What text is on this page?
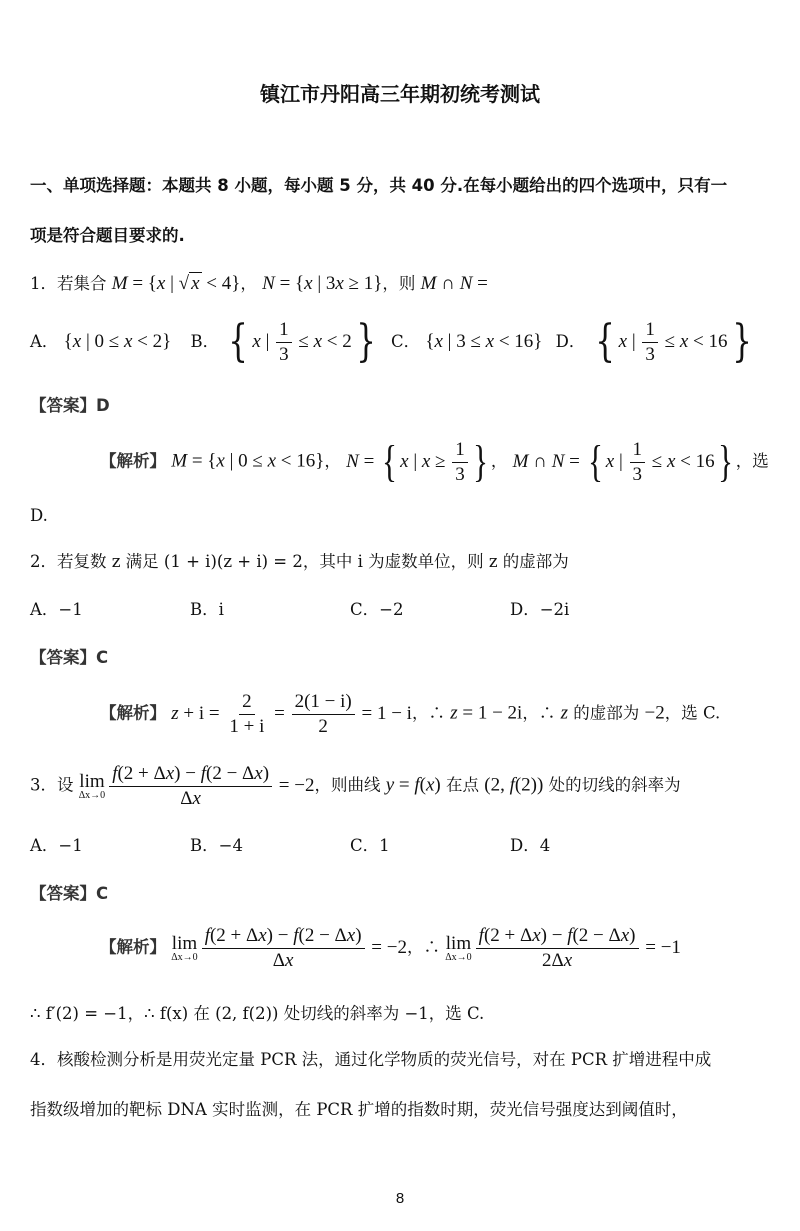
镇江市丹阳高三年期初统考测试
一、单项选择题：本题共 8 小题，每小题 5 分，共 40 分.在每小题给出的四个选项中，只有一
项是符合题目要求的.
1．若集合 M = {x | √ x < 4}， N = {x | 3x ≥ 1}，则 M ∩ N =
A． {x | 0 ≤ x < 2} B． { x | $\frac{1}{3} \le x < 2$} C． {x | 3 ≤ x < 16} D． { x | $\frac{1}{3} \le x < 16$}
【答案】D
【解析】 M = {x | 0 ≤ x < 16}， N = { x | $x \ge \frac{1}{3}$ } ， M ∩ N = { x | $\frac{1}{3} \le x < 16$} ，选
D.
2．若复数 z 满足 (1 + i)(z + i) = 2，其中 i 为虚数单位，则 z 的虚部为
A．−1	B．i	C．−2	D．−2i
【答案】C
【解析】 $z + i = \frac{2}{1 + i} = \frac{2(1 - i)}{2} = 1 - i$，∴ z = 1 − 2i，∴ z 的虚部为 −2，选 C.
3．设 lim
$\Delta x\to 0 \frac{f(2 + \Delta x) - f(2 - \Delta x)}{\Delta x} = -2$，则曲线 y = f(x) 在点 (2, f(2)) 处的切线的斜率为
A．−1	B．−4	C．1	D．4
【答案】C
【解析】 lim
$\Delta x\to 0 \frac{f(2 + \Delta x) - f(2 - \Delta x)}{\Delta x} = -2$，∴ lim
$\Delta x\to 0 \frac{f(2 + \Delta x) - f(2 - \Delta x)}{2\Delta x} = -1$
∴ f′(2) = −1，∴ f(x) 在 (2, f(2)) 处切线的斜率为 −1，选 C.
4．核酸检测分析是用荧光定量 PCR 法，通过化学物质的荧光信号，对在 PCR 扩增进程中成
指数级增加的靶标 DNA 实时监测，在 PCR 扩增的指数时期，荧光信号强度达到阈值时，
8
